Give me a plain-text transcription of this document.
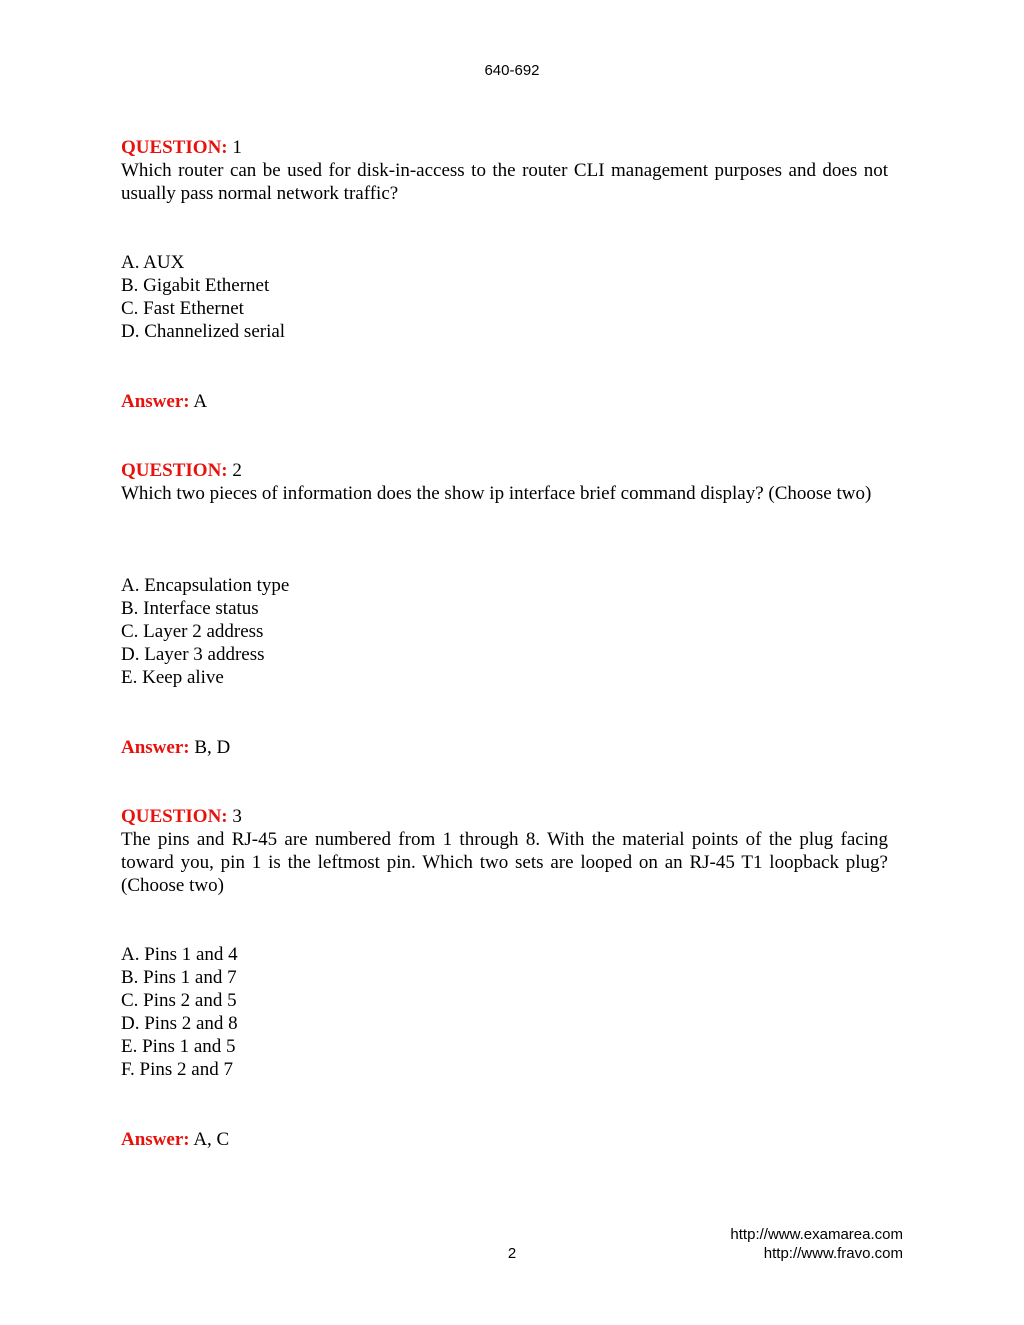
640-692
QUESTION: 1
Which router can be used for disk-in-access to the router CLI management purposes and does not usually pass normal network traffic?
A. AUX
B. Gigabit Ethernet
C. Fast Ethernet
D. Channelized serial
Answer: A
QUESTION: 2
Which two pieces of information does the show ip interface brief command display? (Choose two)
A. Encapsulation type
B. Interface status
C. Layer 2 address
D. Layer 3 address
E. Keep alive
Answer: B, D
QUESTION: 3
The pins and RJ-45 are numbered from 1 through 8. With the material points of the plug facing toward you, pin 1 is the leftmost pin. Which two sets are looped on an RJ-45 T1 loopback plug? (Choose two)
A. Pins 1 and 4
B. Pins 1 and 7
C. Pins 2 and 5
D. Pins 2 and 8
E. Pins 1 and 5
F. Pins 2 and 7
Answer: A, C
2
http://www.examarea.com
http://www.fravo.com
